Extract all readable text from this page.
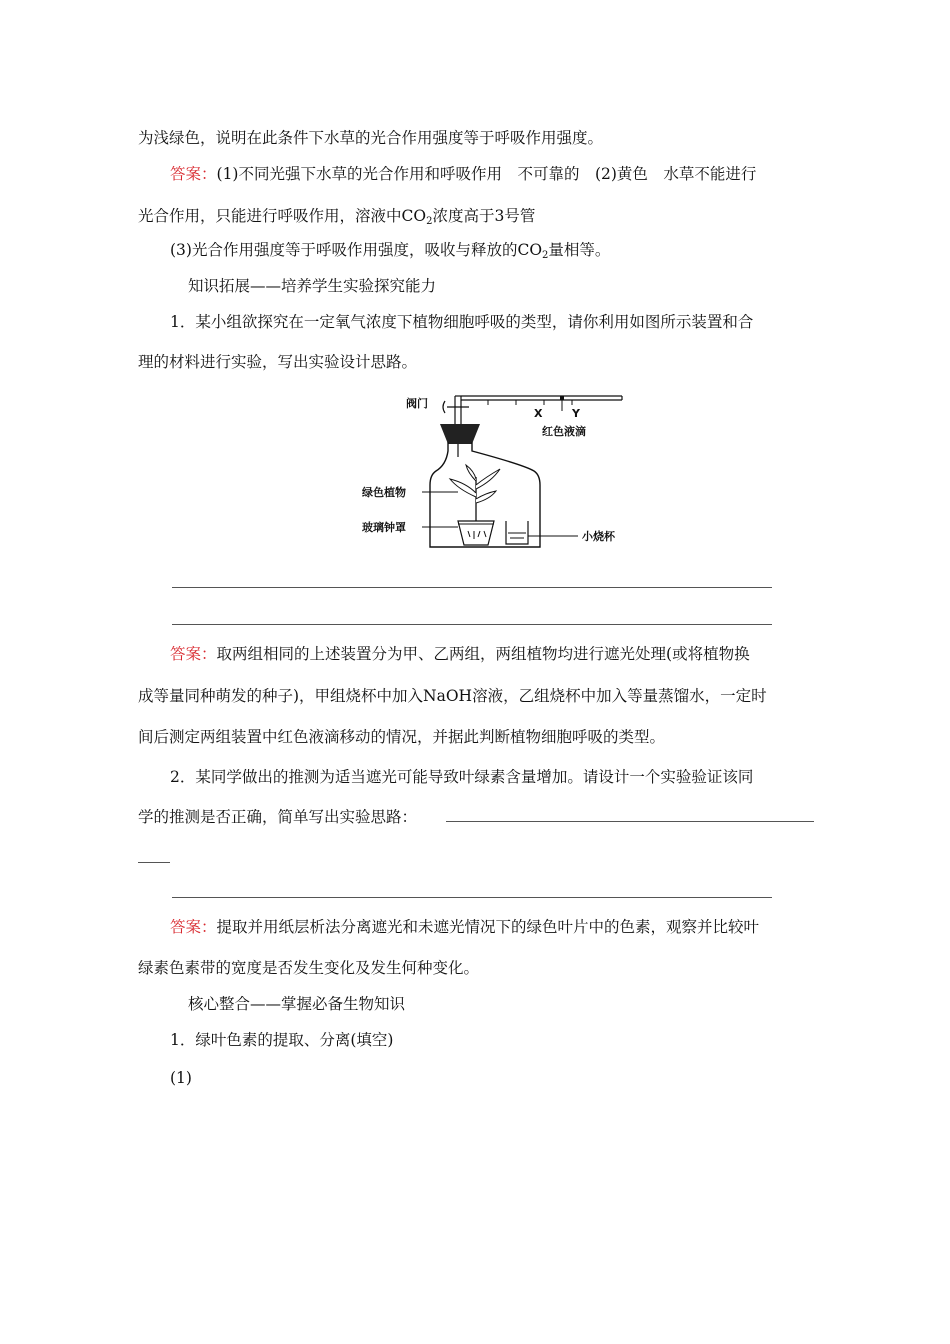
为浅绿色，说明在此条件下水草的光合作用强度等于呼吸作用强度。
答案：(1)不同光强下水草的光合作用和呼吸作用　不可靠的　(2)黄色　水草不能进行
光合作用，只能进行呼吸作用，溶液中$CO_2$浓度高于3号管
(3)光合作用强度等于呼吸作用强度，吸收与释放的$CO_2$量相等。
知识拓展——培养学生实验探究能力
1．某小组欲探究在一定氧气浓度下植物细胞呼吸的类型，请你利用如图所示装置和合
理的材料进行实验，写出实验设计思路。
阀门
X	Y
红色液滴
绿色植物
玻璃钟罩
小烧杯
答案：取两组相同的上述装置分为甲、乙两组，两组植物均进行遮光处理(或将植物换
成等量同种萌发的种子)，甲组烧杯中加入NaOH溶液，乙组烧杯中加入等量蒸馏水，一定时
间后测定两组装置中红色液滴移动的情况，并据此判断植物细胞呼吸的类型。
2．某同学做出的推测为适当遮光可能导致叶绿素含量增加。请设计一个实验验证该同
学的推测是否正确，简单写出实验思路：
答案：提取并用纸层析法分离遮光和未遮光情况下的绿色叶片中的色素，观察并比较叶
绿素色素带的宽度是否发生变化及发生何种变化。
核心整合——掌握必备生物知识
1．绿叶色素的提取、分离(填空)
(1)
